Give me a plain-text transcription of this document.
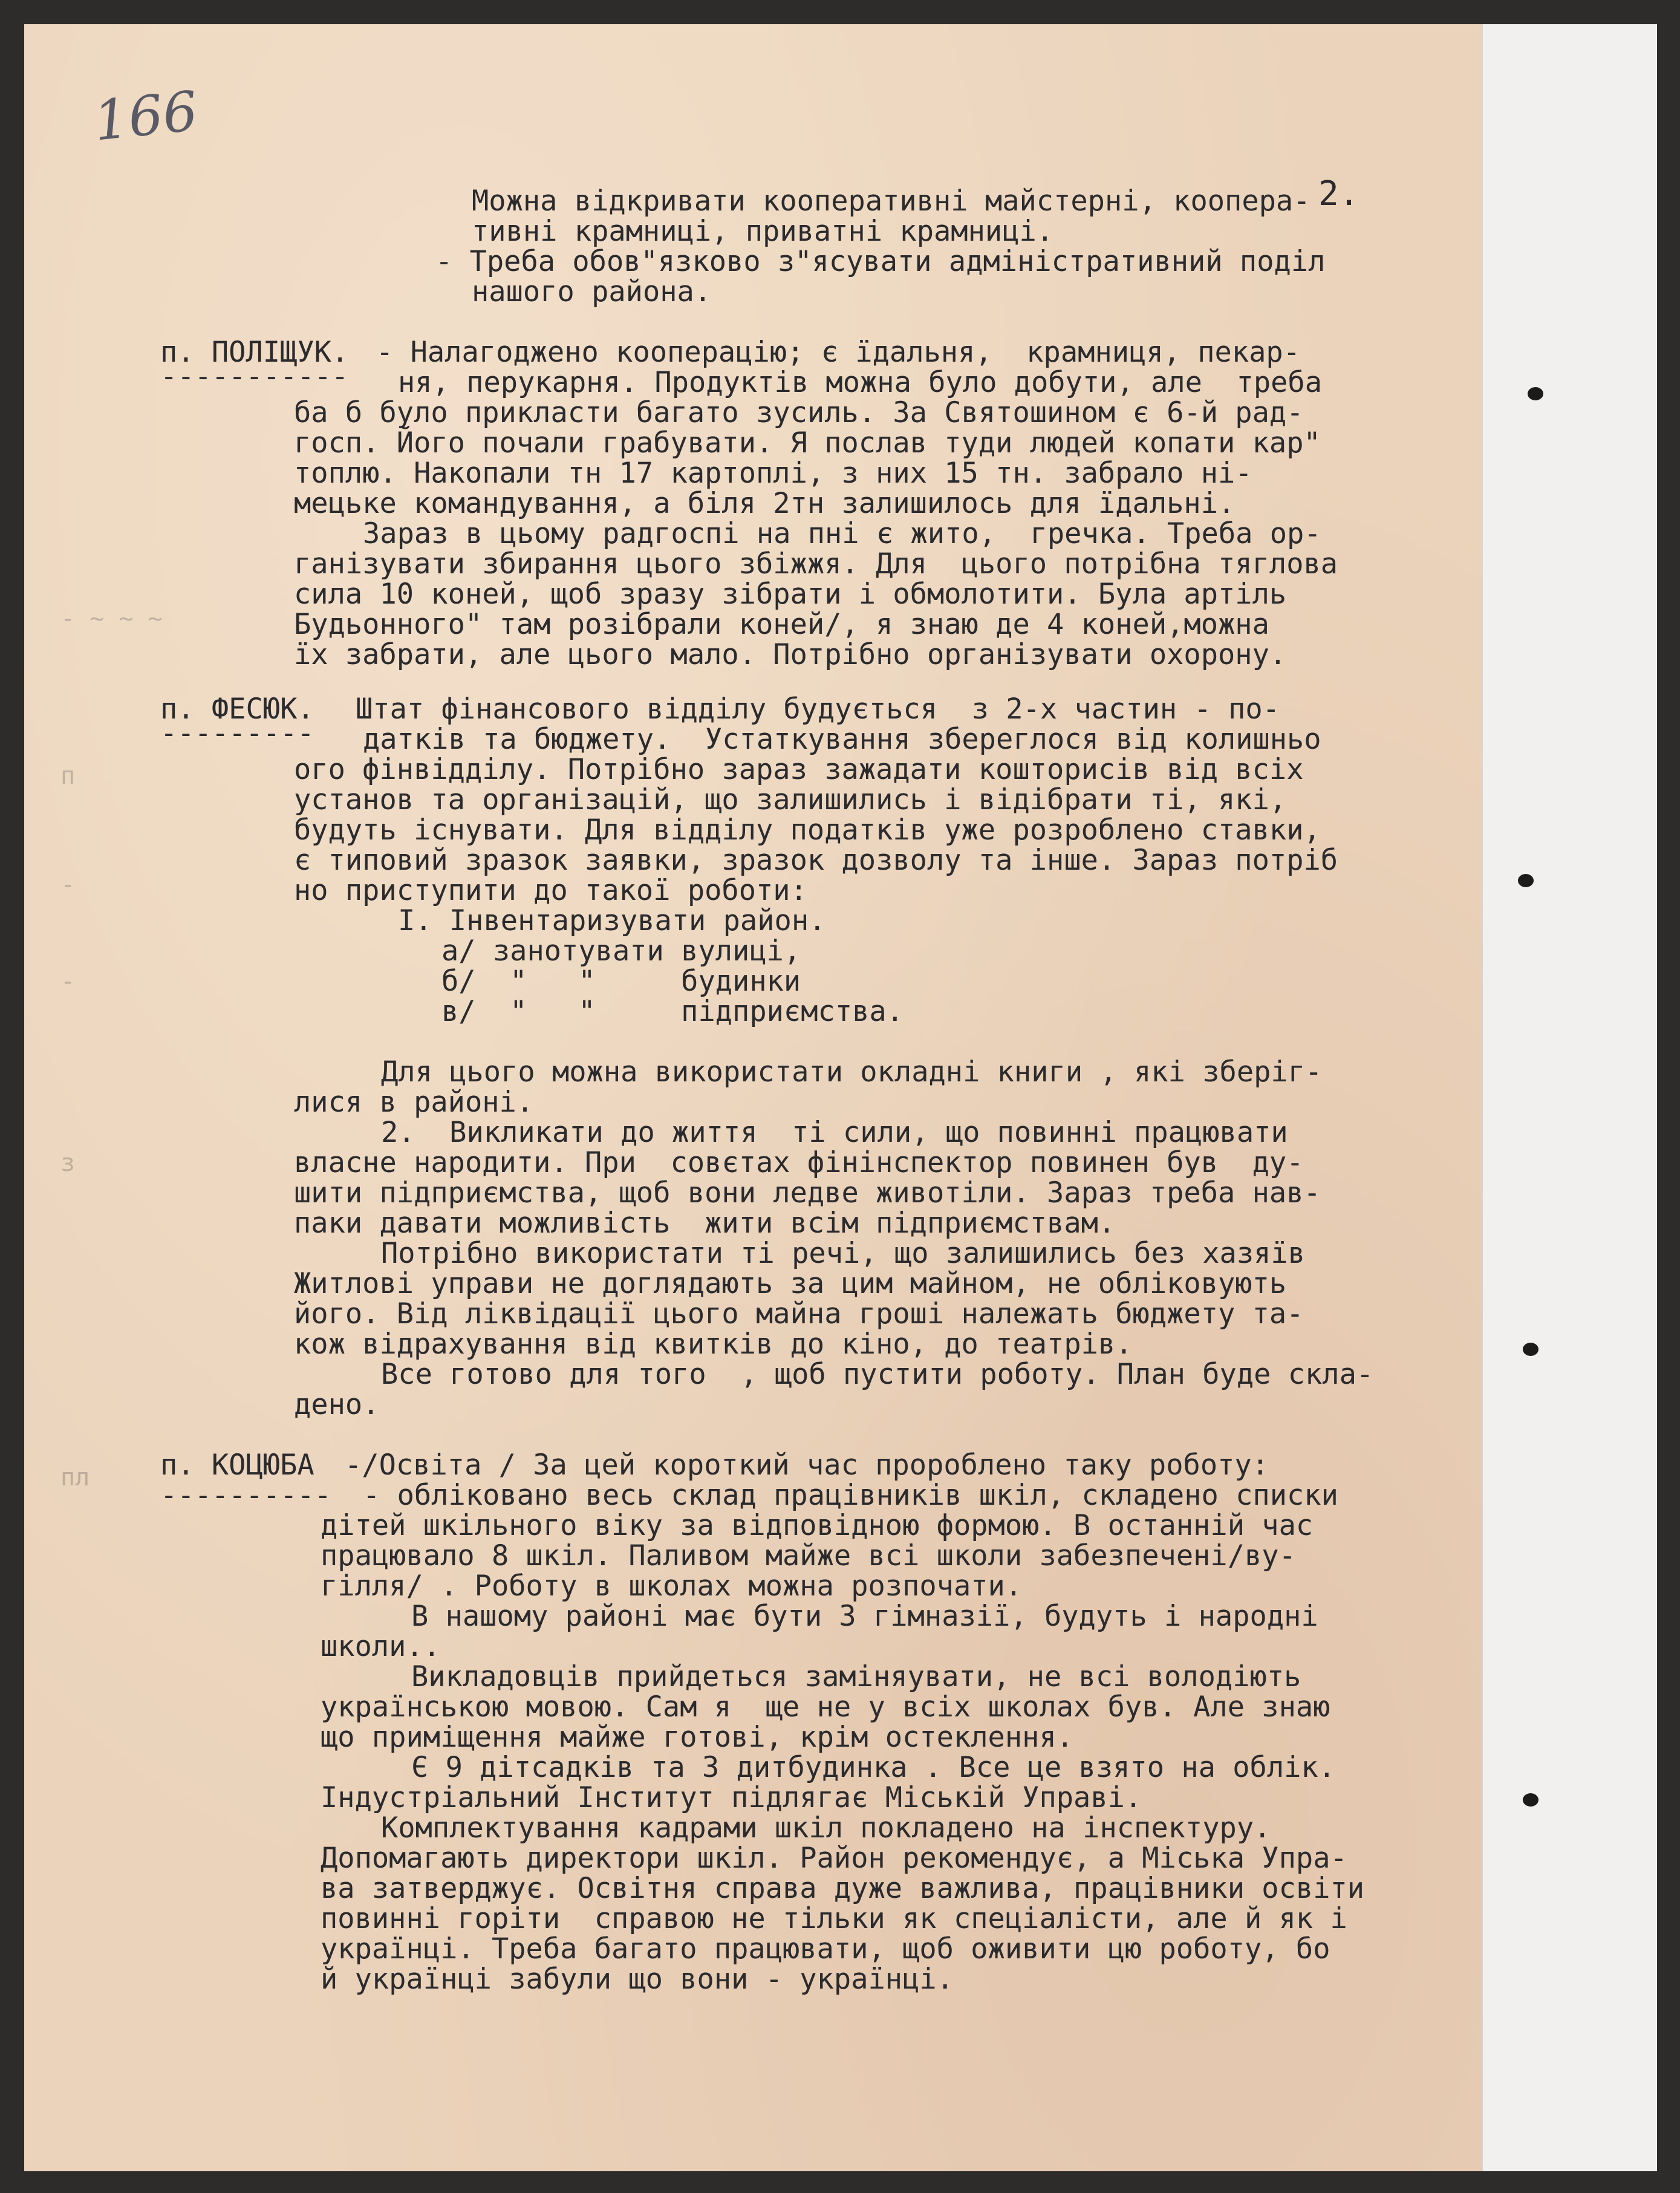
166
2.
- ~ ~ ~
п
-
-
з
пл

Можна відкривати кооперативні майстерні, коопера-

тивні крамниці, приватні крамниці.

- Треба обов"язково з"ясувати адміністративний поділ

нашого района.

п. ПОЛІЩУК.

-----------

- Налагоджено кооперацію; є їдальня,  крамниця, пекар-

ня, перукарня. Продуктів можна було добути, але  треба

ба б було прикласти багато зусиль. За Святошином є 6-й рад-

госп. Його почали грабувати. Я послав туди людей копати кар"

топлю. Накопали тн 17 картоплі, з них 15 тн. забрало ні-

мецьке командування, а біля 2тн залишилось для їдальні.

Зараз в цьому радгоспі на пні є жито,  гречка. Треба ор-

ганізувати збирання цього збіжжя. Для  цього потрібна тяглова

сила 10 коней, щоб зразу зібрати і обмолотити. Була артіль

Будьонного" там розібрали коней/, я знаю де 4 коней,можна

їх забрати, але цього мало. Потрібно організувати охорону.

п. ФЕСЮК.

---------

Штат фінансового відділу будується  з 2-х частин - по-

датків та бюджету.  Устаткування збереглося від колишньо

ого фінвідділу. Потрібно зараз зажадати кошторисів від всіх

установ та організацій, що залишились і відібрати ті, які,

будуть існувати. Для відділу податків уже розроблено ставки,

є типовий зразок заявки, зразок дозволу та інше. Зараз потріб

но приступити до такої роботи:

I. Інвентаризувати район.

а/ занотувати вулиці,

б/  "   "     будинки

в/  "   "     підприємства.

Для цього можна використати окладні книги , які зберіг-

лися в районі.

2.  Викликати до життя  ті сили, що повинні працювати

власне народити. При  совєтах фінінспектор повинен був  ду-

шити підприємства, щоб вони ледве животіли. Зараз треба нав-

паки давати можливість  жити всім підприємствам.

Потрібно використати ті речі, що залишились без хазяїв

Житлові управи не доглядають за цим майном, не обліковують

його. Від ліквідації цього майна гроші належать бюджету та-

кож відрахування від квитків до кіно, до театрів.

Все готово для того  , щоб пустити роботу. План буде скла-

дено.

п. КОЦЮБА

----------

-/Освіта / За цей короткий час пророблено таку роботу:

- обліковано весь склад працівників шкіл, складено списки

дітей шкільного віку за відповідною формою. В останній час

працювало 8 шкіл. Паливом майже всі школи забезпечені/ву-

гілля/ . Роботу в школах можна розпочати.

В нашому районі має бути 3 гімназії, будуть і народні

школи..

Викладовців прийдеться заміняувати, не всі володіють

українською мовою. Сам я  ще не у всіх школах був. Але знаю

що приміщення майже готові, крім остеклення.

Є 9 дітсадків та 3 дитбудинка . Все це взято на облік.

Індустріальний Інститут підлягає Міській Управі.

Комплектування кадрами шкіл покладено на інспектуру.

Допомагають директори шкіл. Район рекомендує, а Міська Упра-

ва затверджує. Освітня справа дуже важлива, працівники освіти

повинні горіти  справою не тільки як спеціалісти, але й як і

українці. Треба багато працювати, щоб оживити цю роботу, бо

й українці забули що вони - українці.
